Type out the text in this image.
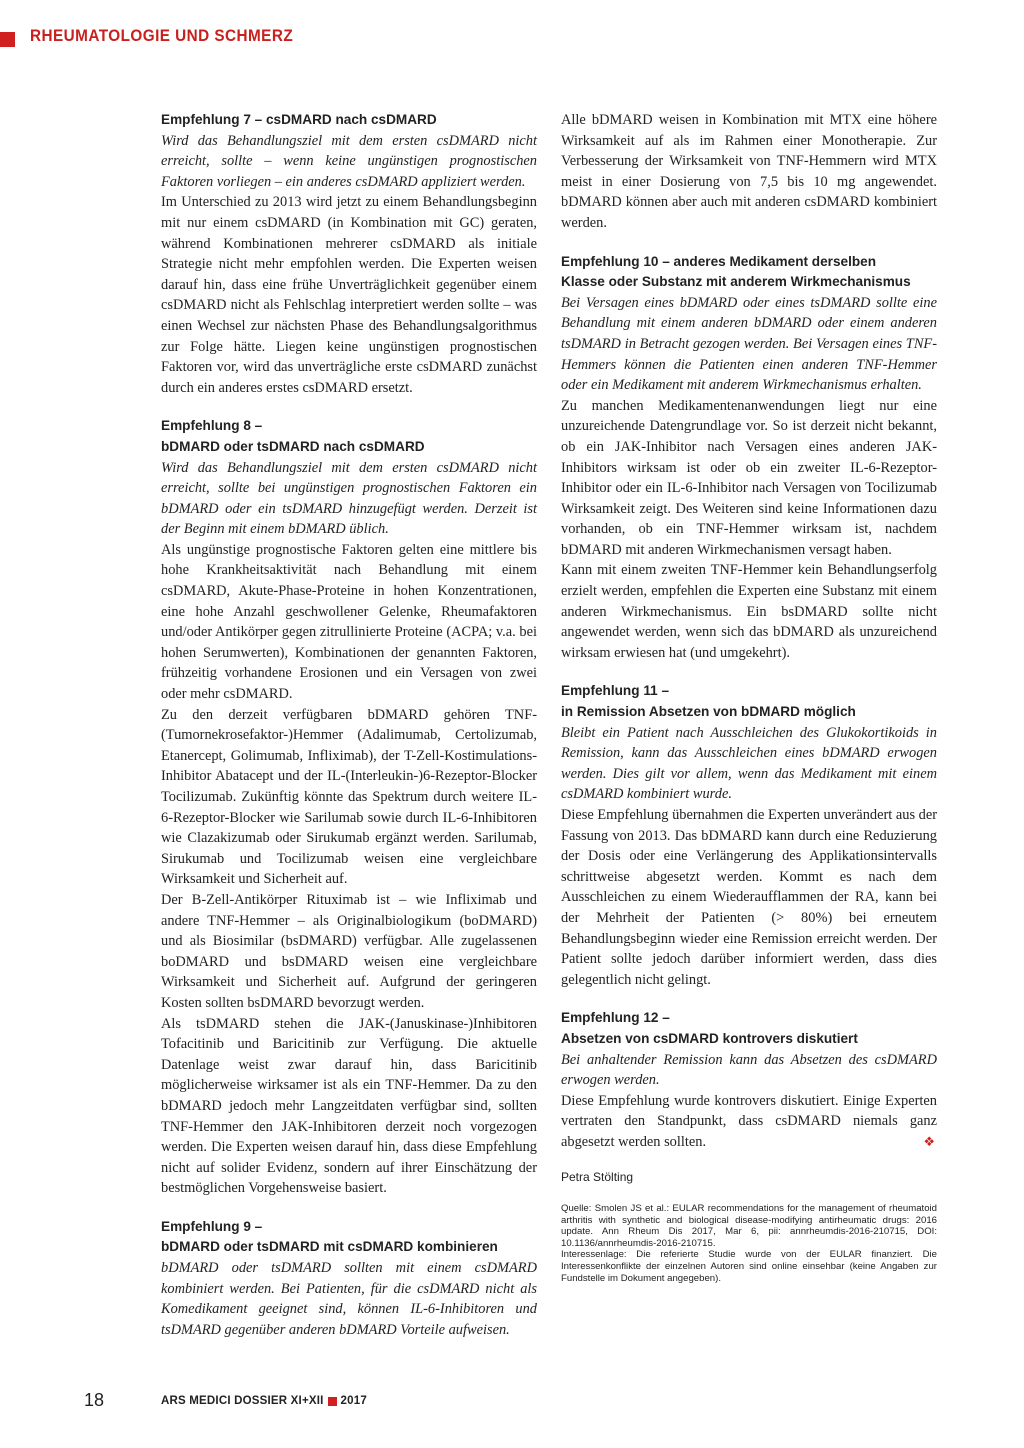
RHEUMATOLOGIE UND SCHMERZ
Empfehlung 7 – csDMARD nach csDMARD

Wird das Behandlungsziel mit dem ersten csDMARD nicht erreicht, sollte – wenn keine ungünstigen prognostischen Faktoren vorliegen – ein anderes csDMARD appliziert werden.

Im Unterschied zu 2013 wird jetzt zu einem Behandlungsbeginn mit nur einem csDMARD (in Kombination mit GC) geraten, während Kombinationen mehrerer csDMARD als initiale Strategie nicht mehr empfohlen werden. Die Experten weisen darauf hin, dass eine frühe Unverträglichkeit gegenüber einem csDMARD nicht als Fehlschlag interpretiert werden sollte – was einen Wechsel zur nächsten Phase des Behandlungsalgorithmus zur Folge hätte. Liegen keine ungünstigen prognostischen Faktoren vor, wird das unverträgliche erste csDMARD zunächst durch ein anderes erstes csDMARD ersetzt.

Empfehlung 8 –
bDMARD oder tsDMARD nach csDMARD

Wird das Behandlungsziel mit dem ersten csDMARD nicht erreicht, sollte bei ungünstigen prognostischen Faktoren ein bDMARD oder ein tsDMARD hinzugefügt werden. Derzeit ist der Beginn mit einem bDMARD üblich.

Als ungünstige prognostische Faktoren gelten eine mittlere bis hohe Krankheitsaktivität nach Behandlung mit einem csDMARD, Akute-Phase-Proteine in hohen Konzentrationen, eine hohe Anzahl geschwollener Gelenke, Rheumafaktoren und/oder Antikörper gegen zitrullinierte Proteine (ACPA; v.a. bei hohen Serumwerten), Kombinationen der genannten Faktoren, frühzeitig vorhandene Erosionen und ein Versagen von zwei oder mehr csDMARD.

Zu den derzeit verfügbaren bDMARD gehören TNF-(Tumornekrosefaktor-)Hemmer (Adalimumab, Certolizumab, Etanercept, Golimumab, Infliximab), der T-Zell-Kostimulations-Inhibitor Abatacept und der IL-(Interleukin-)6-Rezeptor-Blocker Tocilizumab. Zukünftig könnte das Spektrum durch weitere IL-6-Rezeptor-Blocker wie Sarilumab sowie durch IL-6-Inhibitoren wie Clazakizumab oder Sirukumab ergänzt werden. Sarilumab, Sirukumab und Tocilizumab weisen eine vergleichbare Wirksamkeit und Sicherheit auf.

Der B-Zell-Antikörper Rituximab ist – wie Infliximab und andere TNF-Hemmer – als Originalbiologikum (boDMARD) und als Biosimilar (bsDMARD) verfügbar. Alle zugelassenen boDMARD und bsDMARD weisen eine vergleichbare Wirksamkeit und Sicherheit auf. Aufgrund der geringeren Kosten sollten bsDMARD bevorzugt werden.

Als tsDMARD stehen die JAK-(Januskinase-)Inhibitoren Tofacitinib und Baricitinib zur Verfügung. Die aktuelle Datenlage weist zwar darauf hin, dass Baricitinib möglicherweise wirksamer ist als ein TNF-Hemmer. Da zu den bDMARD jedoch mehr Langzeitdaten verfügbar sind, sollten TNF-Hemmer den JAK-Inhibitoren derzeit noch vorgezogen werden. Die Experten weisen darauf hin, dass diese Empfehlung nicht auf solider Evidenz, sondern auf ihrer Einschätzung der bestmöglichen Vorgehensweise basiert.

Empfehlung 9 –
bDMARD oder tsDMARD mit csDMARD kombinieren

bDMARD oder tsDMARD sollten mit einem csDMARD kombiniert werden. Bei Patienten, für die csDMARD nicht als Komedikament geeignet sind, können IL-6-Inhibitoren und tsDMARD gegenüber anderen bDMARD Vorteile aufweisen.

Alle bDMARD weisen in Kombination mit MTX eine höhere Wirksamkeit auf als im Rahmen einer Monotherapie. Zur Verbesserung der Wirksamkeit von TNF-Hemmern wird MTX meist in einer Dosierung von 7,5 bis 10 mg angewendet. bDMARD können aber auch mit anderen csDMARD kombiniert werden.

Empfehlung 10 – anderes Medikament derselben
Klasse oder Substanz mit anderem Wirkmechanismus

Bei Versagen eines bDMARD oder eines tsDMARD sollte eine Behandlung mit einem anderen bDMARD oder einem anderen tsDMARD in Betracht gezogen werden. Bei Versagen eines TNF-Hemmers können die Patienten einen anderen TNF-Hemmer oder ein Medikament mit anderem Wirkmechanismus erhalten.

Zu manchen Medikamentenanwendungen liegt nur eine unzureichende Datengrundlage vor. So ist derzeit nicht bekannt, ob ein JAK-Inhibitor nach Versagen eines anderen JAK-Inhibitors wirksam ist oder ob ein zweiter IL-6-Rezeptor-Inhibitor oder ein IL-6-Inhibitor nach Versagen von Tocilizumab Wirksamkeit zeigt. Des Weiteren sind keine Informationen dazu vorhanden, ob ein TNF-Hemmer wirksam ist, nachdem bDMARD mit anderen Wirkmechanismen versagt haben.

Kann mit einem zweiten TNF-Hemmer kein Behandlungserfolg erzielt werden, empfehlen die Experten eine Substanz mit einem anderen Wirkmechanismus. Ein bsDMARD sollte nicht angewendet werden, wenn sich das bDMARD als unzureichend wirksam erwiesen hat (und umgekehrt).

Empfehlung 11 –
in Remission Absetzen von bDMARD möglich

Bleibt ein Patient nach Ausschleichen des Glukokortikoids in Remission, kann das Ausschleichen eines bDMARD erwogen werden. Dies gilt vor allem, wenn das Medikament mit einem csDMARD kombiniert wurde.

Diese Empfehlung übernahmen die Experten unverändert aus der Fassung von 2013. Das bDMARD kann durch eine Reduzierung der Dosis oder eine Verlängerung des Applikationsintervalls schrittweise abgesetzt werden. Kommt es nach dem Ausschleichen zu einem Wiederaufflammen der RA, kann bei der Mehrheit der Patienten (> 80%) bei erneutem Behandlungsbeginn wieder eine Remission erreicht werden. Der Patient sollte jedoch darüber informiert werden, dass dies gelegentlich nicht gelingt.

Empfehlung 12 –
Absetzen von csDMARD kontrovers diskutiert

Bei anhaltender Remission kann das Absetzen des csDMARD erwogen werden.

Diese Empfehlung wurde kontrovers diskutiert. Einige Experten vertraten den Standpunkt, dass csDMARD niemals ganz abgesetzt werden sollten.	❖

Petra Stölting

Quelle: Smolen JS et al.: EULAR recommendations for the management of rheumatoid arthritis with synthetic and biological disease-modifying antirheumatic drugs: 2016 update. Ann Rheum Dis 2017, Mar 6, pii: annrheumdis-2016-210715, DOI: 10.1136/annrheumdis-2016-210715.

Interessenlage: Die referierte Studie wurde von der EULAR finanziert. Die Interessenkonflikte der einzelnen Autoren sind online einsehbar (keine Angaben zur Fundstelle im Dokument angegeben).

18	ARS MEDICI DOSSIER XI+XII 2017
